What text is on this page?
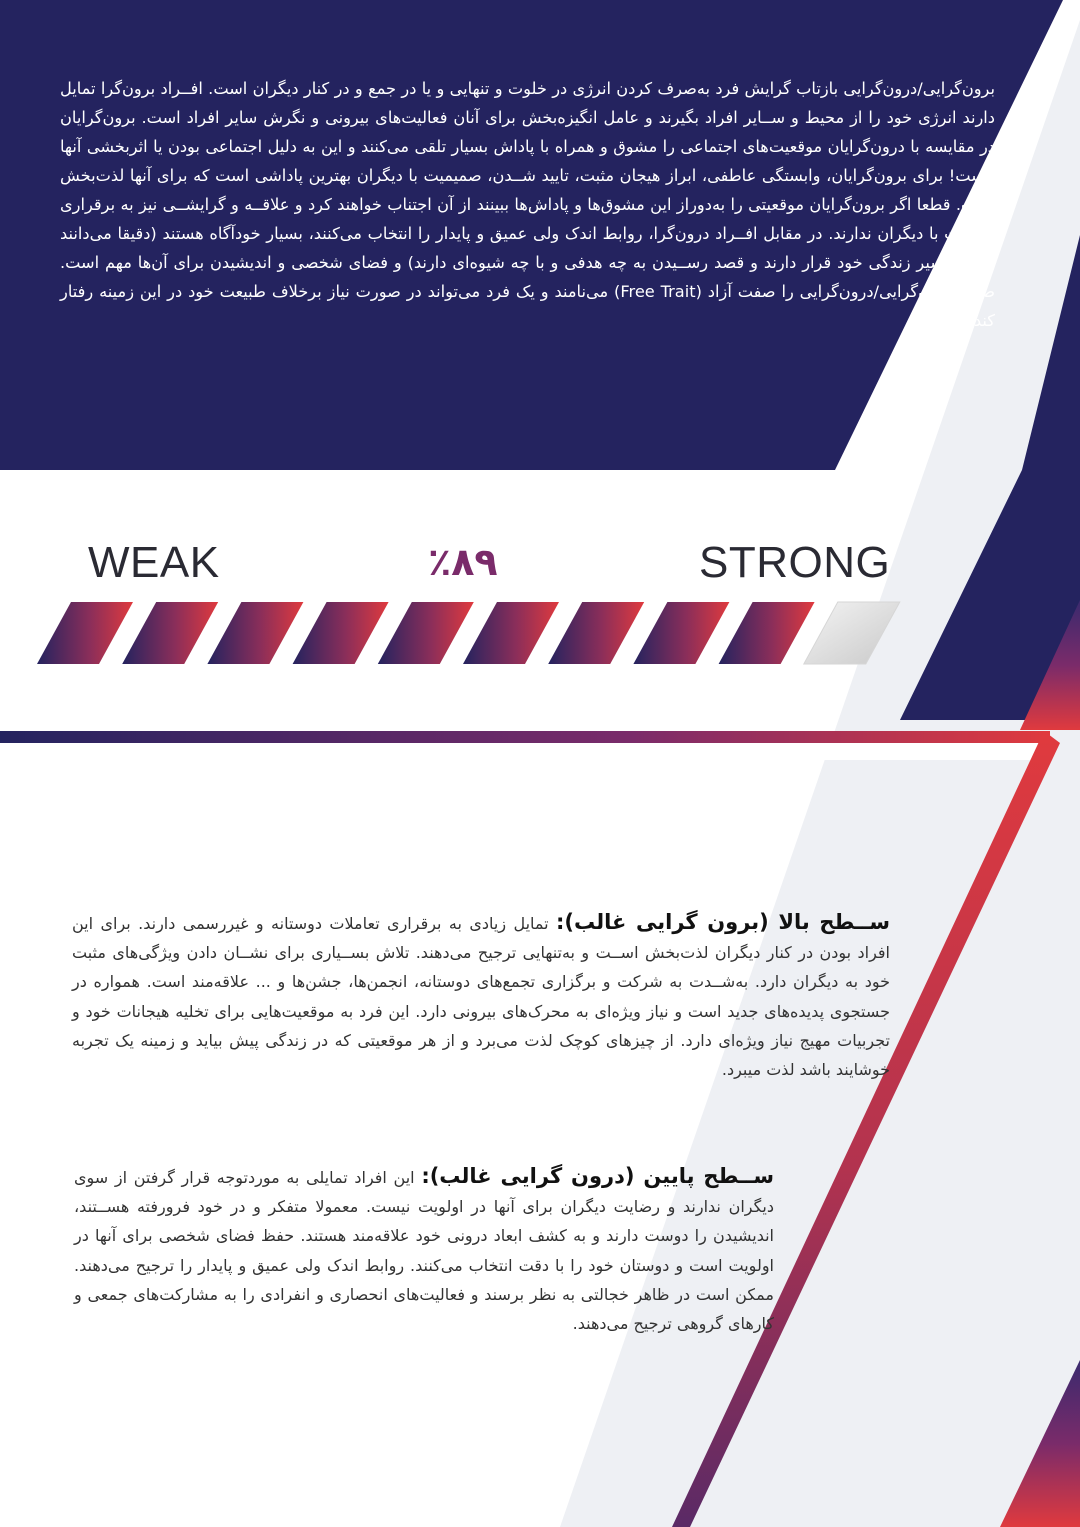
برون‌گرایی/درون‌گرایی بازتاب گرایش فرد به‌صرف کردن انرژی در خلوت و تنهایی و یا در جمع و در کنار دیگران است. افــراد برون‌گرا تمایل دارند انرژی خود را از محیط و ســایر افراد بگیرند و عامل انگیزه‌بخش برای آنان فعالیت‌های بیرونی و نگرش سایر افراد است. برون‌گرایان در مقایسه با درون‌گرایان موقعیت‌های اجتماعی را مشوق و همراه با پاداش بسیار تلقی می‌کنند و این به دلیل اجتماعی بودن یا اثربخشی آنها نیست! برای برون‌گرایان، وابستگی عاطفی، ابراز هیجان مثبت، تایید شــدن، صمیمیت با دیگران بهترین پاداشی است که برای آنها لذت‌بخش است. قطعا اگر برون‌گرایان موقعیتی را به‌دوراز این مشوق‌ها و پاداش‌ها ببینند از آن اجتناب خواهند کرد و علاقــه و گرایشــی نیز به برقراری تعاملات با دیگران ندارند. در مقابل افــراد درون‌گرا، روابط اندک ولی عمیق و پایدار را انتخاب می‌کنند، بسیار خودآگاه هستند (دقیقا می‌دانند کجای مسیر زندگی خود قرار دارند و قصد رســیدن به چه هدفی و با چه شیوه‌ای دارند) و فضای شخصی و اندیشیدن برای آن‌ها مهم است. صفت برون‌گرایی/درون‌گرایی را صفت آزاد (Free Trait) می‌نامند و یک فرد می‌تواند در صورت نیاز برخلاف طبیعت خود در این زمینه رفتار کند.

WEAK	٪۸۹	STRONG

ســطح بالا (برون گرایی غالب): تمایل زیادی به برقراری تعاملات دوستانه و غیررسمی دارند. برای این افراد بودن در کنار دیگران لذت‌بخش اســت و به‌تنهایی ترجیح می‌دهند. تلاش بســیاری برای نشــان دادن ویژگی‌های مثبت خود به دیگران دارد. به‌شــدت به شرکت و برگزاری تجمع‌های دوستانه، انجمن‌ها، جشن‌ها و ... علاقه‌مند است. همواره در جستجوی پدیده‌های جدید است و نیاز ویژه‌ای به محرک‌های بیرونی دارد. این فرد به موقعیت‌هایی برای تخلیه هیجانات خود و تجربیات مهیج نیاز ویژه‌ای دارد. از چیزهای کوچک لذت می‌برد و از هر موقعیتی که در زندگی پیش بیاید و زمینه یک تجربه خوشایند باشد لذت میبرد.

ســطح پایین (درون گرایی غالب): این افراد تمایلی به موردتوجه قرار گرفتن از سوی دیگران ندارند و رضایت دیگران برای آنها در اولویت نیست. معمولا متفکر و در خود فرورفته هســتند، اندیشیدن را دوست دارند و به کشف ابعاد درونی خود علاقه‌مند هستند. حفظ فضای شخصی برای آنها در اولویت است و دوستان خود را با دقت انتخاب می‌کنند. روابط اندک ولی عمیق و پایدار را ترجیح می‌دهند. ممکن است در ظاهر خجالتی به نظر برسند و فعالیت‌های انحصاری و انفرادی را به مشارکت‌های جمعی و کارهای گروهی ترجیح می‌دهند.
